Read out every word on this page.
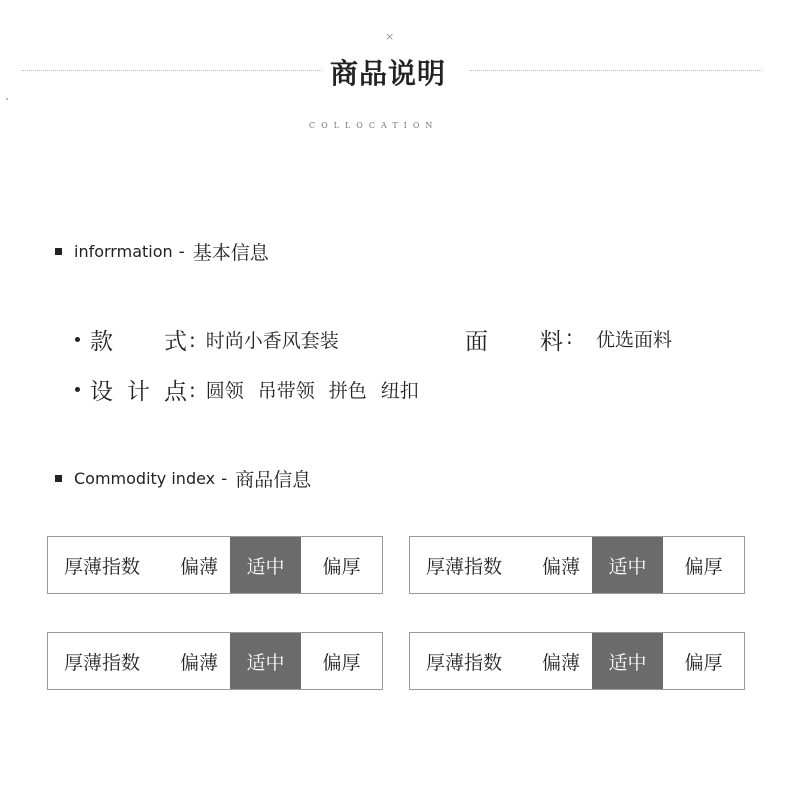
×
商品说明
COLLOCATION
inforrmation - 基本信息
款	式 : 时尚小香风套装	面 料 : 优选面料
设 计 点 : 圆领 吊带领 拼色 纽扣
Commodity index - 商品信息
厚薄指数	偏薄	适中	偏厚	厚薄指数	偏薄	适中	偏厚
厚薄指数	偏薄	适中	偏厚	厚薄指数	偏薄	适中	偏厚
